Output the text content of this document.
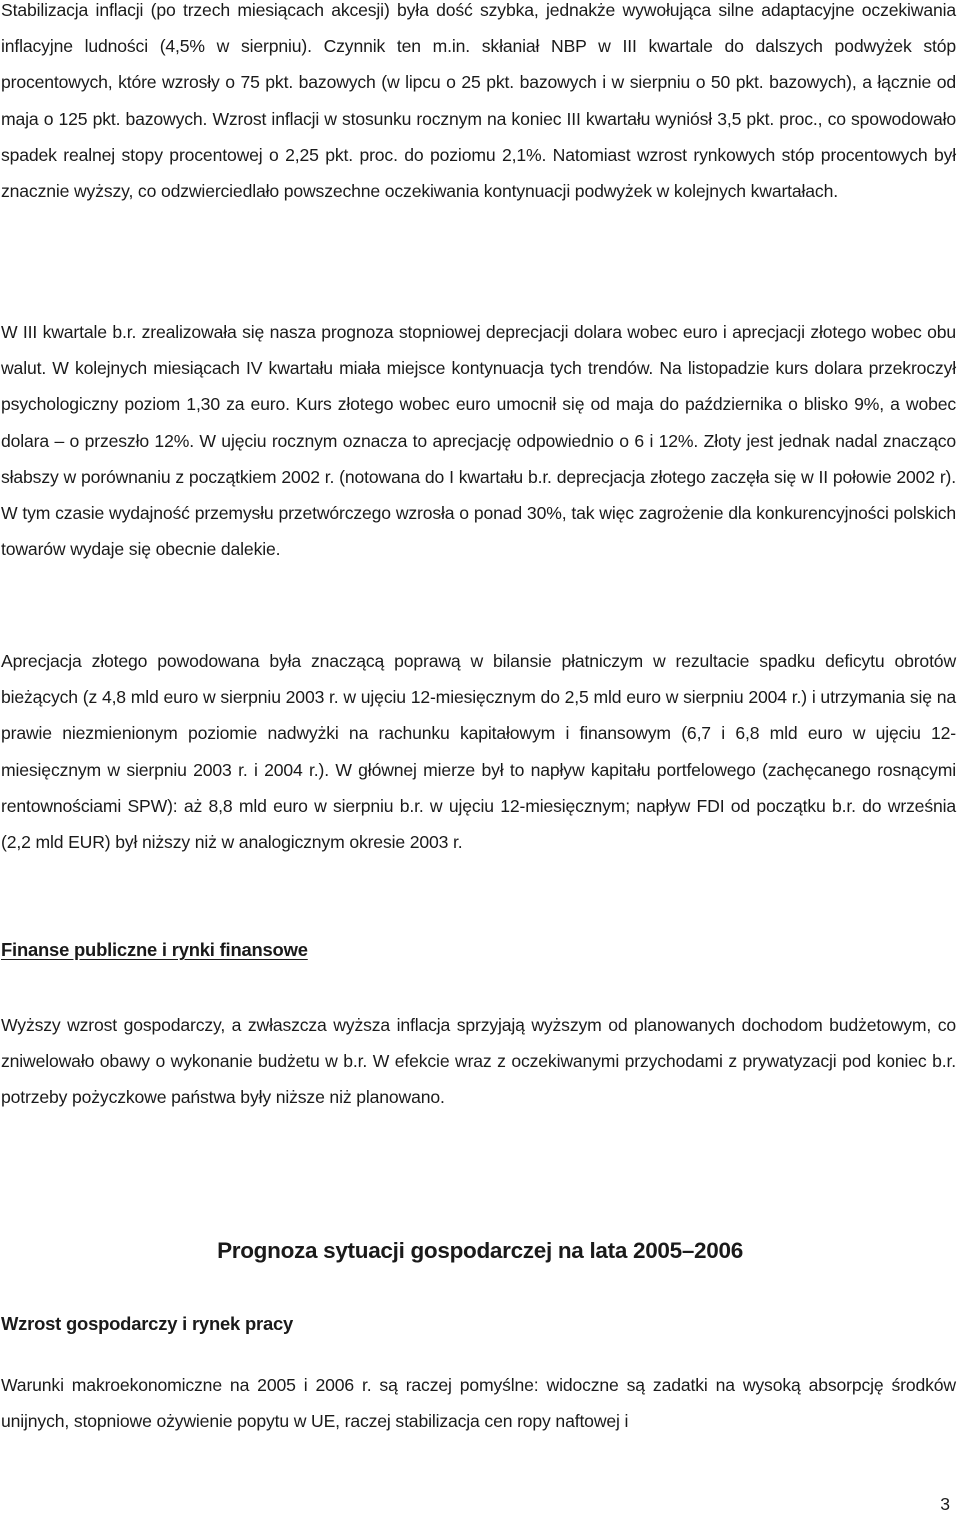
Stabilizacja inflacji (po trzech miesiącach akcesji) była dość szybka, jednakże wywołująca silne adaptacyjne oczekiwania inflacyjne ludności (4,5% w sierpniu). Czynnik ten m.in. skłaniał NBP w III kwartale do dalszych podwyżek stóp procentowych, które wzrosły o 75 pkt. bazowych (w lipcu o 25 pkt. bazowych i w sierpniu o 50 pkt. bazowych), a łącznie od maja o 125 pkt. bazowych. Wzrost inflacji w stosunku rocznym na koniec III kwartału wyniósł 3,5 pkt. proc., co spowodowało spadek realnej stopy procentowej o 2,25 pkt. proc. do poziomu 2,1%. Natomiast wzrost rynkowych stóp procentowych był znacznie wyższy, co odzwierciedlało powszechne oczekiwania kontynuacji podwyżek w kolejnych kwartałach.

W III kwartale b.r. zrealizowała się nasza prognoza stopniowej deprecjacji dolara wobec euro i aprecjacji złotego wobec obu walut. W kolejnych miesiącach IV kwartału miała miejsce kontynuacja tych trendów. Na listopadzie kurs dolara przekroczył psychologiczny poziom 1,30 za euro. Kurs złotego wobec euro umocnił się od maja do października o blisko 9%, a wobec dolara – o przeszło 12%. W ujęciu rocznym oznacza to aprecjację odpowiednio o 6 i 12%. Złoty jest jednak nadal znacząco słabszy w porównaniu z początkiem 2002 r. (notowana do I kwartału b.r. deprecjacja złotego zaczęła się w II połowie 2002 r). W tym czasie wydajność przemysłu przetwórczego wzrosła o ponad 30%, tak więc zagrożenie dla konkurencyjności polskich towarów wydaje się obecnie dalekie.

Aprecjacja złotego powodowana była znaczącą poprawą w bilansie płatniczym w rezultacie spadku deficytu obrotów bieżących (z 4,8 mld euro w sierpniu 2003 r. w ujęciu 12-miesięcznym do 2,5 mld euro w sierpniu 2004 r.) i utrzymania się na prawie niezmienionym poziomie nadwyżki na rachunku kapitałowym i finansowym (6,7 i 6,8 mld euro w ujęciu 12-miesięcznym w sierpniu 2003 r. i 2004 r.). W głównej mierze był to napływ kapitału portfelowego (zachęcanego rosnącymi rentownościami SPW): aż 8,8 mld euro w sierpniu b.r. w ujęciu 12-miesięcznym; napływ FDI od początku b.r. do września (2,2 mld EUR) był niższy niż w analogicznym okresie 2003 r.

Finanse publiczne i rynki finansowe

Wyższy wzrost gospodarczy, a zwłaszcza wyższa inflacja sprzyjają wyższym od planowanych dochodom budżetowym, co zniwelowało obawy o wykonanie budżetu w b.r. W efekcie wraz z oczekiwanymi przychodami z prywatyzacji pod koniec b.r. potrzeby pożyczkowe państwa były niższe niż planowano.

Prognoza sytuacji gospodarczej na lata 2005–2006
Wzrost gospodarczy i rynek pracy

Warunki makroekonomiczne na 2005 i 2006 r. są raczej pomyślne: widoczne są zadatki na wysoką absorpcję środków unijnych, stopniowe ożywienie popytu w UE, raczej stabilizacja cen ropy naftowej i

3
